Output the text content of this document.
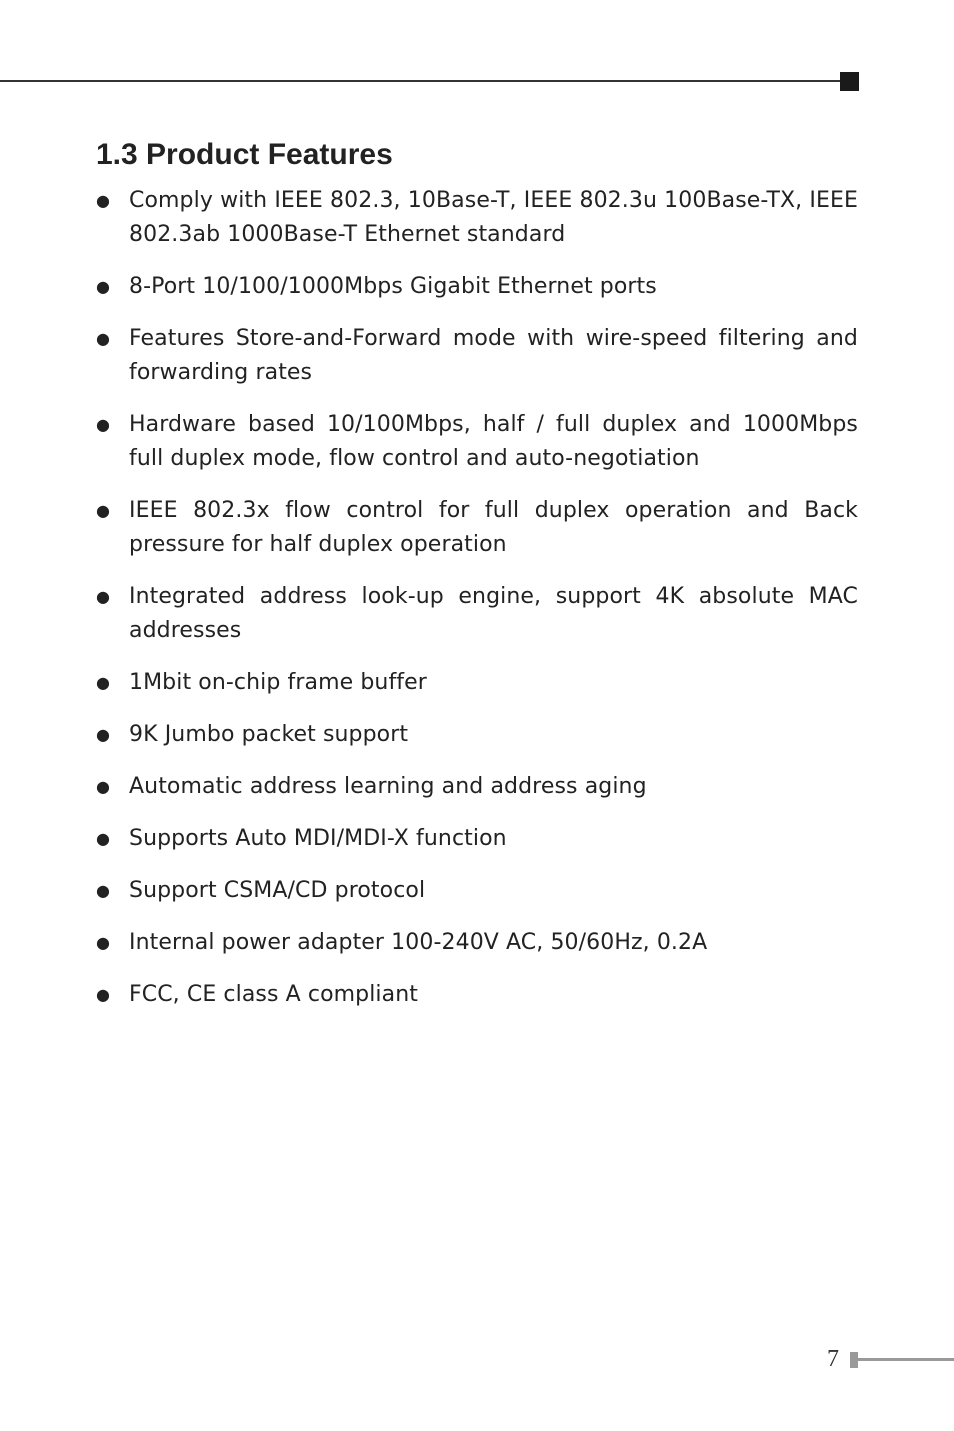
1.3 Product Features
● Comply with IEEE 802.3, 10Base-T, IEEE 802.3u 100Base-TX, IEEE 802.3ab 1000Base-T Ethernet standard
● 8-Port 10/100/1000Mbps Gigabit Ethernet ports
● Features Store-and-Forward mode with wire-speed filtering and forwarding rates
● Hardware based 10/100Mbps, half / full duplex and 1000Mbps full duplex mode, flow control and auto-negotiation
● IEEE 802.3x flow control for full duplex operation and Back pressure for half duplex operation
● Integrated address look-up engine, support 4K absolute MAC addresses
● 1Mbit on-chip frame buffer
● 9K Jumbo packet support
● Automatic address learning and address aging
● Supports Auto MDI/MDI-X function
● Support CSMA/CD protocol
● Internal power adapter 100-240V AC, 50/60Hz, 0.2A
● FCC, CE class A compliant
7
